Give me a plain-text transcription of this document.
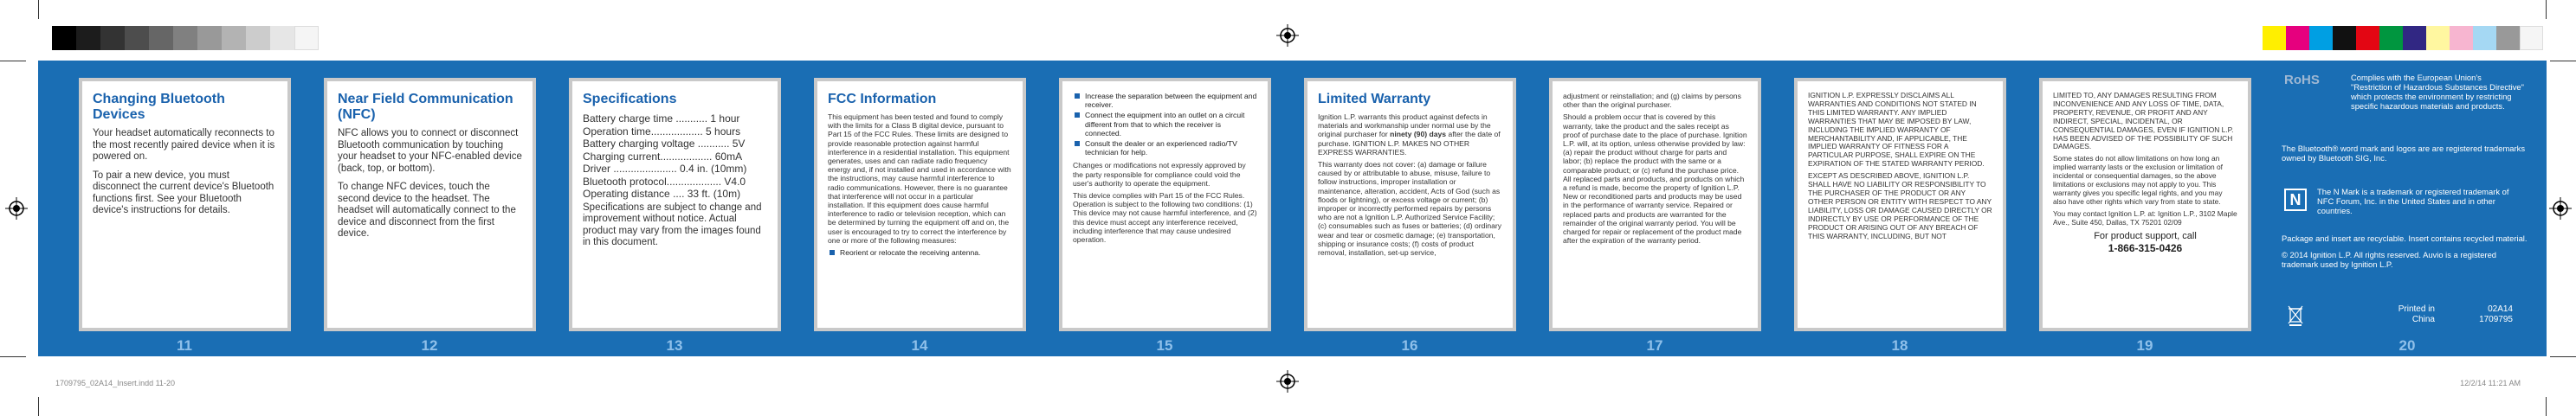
Changing Bluetooth Devices

Your headset automatically reconnects to the most recently paired device when it is powered on.

To pair a new device, you must disconnect the current device's Bluetooth functions first. See your Bluetooth device's instructions for details.

Near Field Communication (NFC)

NFC allows you to connect or disconnect Bluetooth communication by touching your headset to your NFC-enabled device (back, top, or bottom).

To change NFC devices, touch the second device to the headset. The headset will automatically connect to the device and disconnect from the first device.

Specifications
Battery charge time ........... 1 hour
Operation time.................. 5 hours
Battery charging voltage ........... 5V
Charging current.................. 60mA
Driver ...................... 0.4 in. (10mm)
Bluetooth protocol................... V4.0
Operating distance .... 33 ft. (10m)

Specifications are subject to change and improvement without notice. Actual product may vary from the images found in this document.

FCC Information

This equipment has been tested and found to comply with the limits for a Class B digital device, pursuant to Part 15 of the FCC Rules. These limits are designed to provide reasonable protection against harmful interference in a residential installation. This equipment generates, uses and can radiate radio frequency energy and, if not installed and used in accordance with the instructions, may cause harmful interference to radio communications. However, there is no guarantee that interference will not occur in a particular installation. If this equipment does cause harmful interference to radio or television reception, which can be determined by turning the equipment off and on, the user is encouraged to try to correct the interference by one or more of the following measures:

Reorient or relocate the receiving antenna.
Increase the separation between the equipment and receiver.
Connect the equipment into an outlet on a circuit different from that to which the receiver is connected.
Consult the dealer or an experienced radio/TV technician for help.

Changes or modifications not expressly approved by the party responsible for compliance could void the user's authority to operate the equipment.

This device complies with Part 15 of the FCC Rules. Operation is subject to the following two conditions: (1) This device may not cause harmful interference, and (2) this device must accept any interference received, including interference that may cause undesired operation.

Limited Warranty

Ignition L.P. warrants this product against defects in materials and workmanship under normal use by the original purchaser for ninety (90) days after the date of purchase. IGNITION L.P. MAKES NO OTHER EXPRESS WARRANTIES.

This warranty does not cover: (a) damage or failure caused by or attributable to abuse, misuse, failure to follow instructions, improper installation or maintenance, alteration, accident, Acts of God (such as floods or lightning), or excess voltage or current; (b) improper or incorrectly performed repairs by persons who are not a Ignition L.P. Authorized Service Facility; (c) consumables such as fuses or batteries; (d) ordinary wear and tear or cosmetic damage; (e) transportation, shipping or insurance costs; (f) costs of product removal, installation, set-up service,

adjustment or reinstallation; and (g) claims by persons other than the original purchaser.

Should a problem occur that is covered by this warranty, take the product and the sales receipt as proof of purchase date to the place of purchase. Ignition L.P. will, at its option, unless otherwise provided by law: (a) repair the product without charge for parts and labor; (b) replace the product with the same or a comparable product; or (c) refund the purchase price. All replaced parts and products, and products on which a refund is made, become the property of Ignition L.P. New or reconditioned parts and products may be used in the performance of warranty service. Repaired or replaced parts and products are warranted for the remainder of the original warranty period. You will be charged for repair or replacement of the product made after the expiration of the warranty period.

IGNITION L.P. EXPRESSLY DISCLAIMS ALL WARRANTIES AND CONDITIONS NOT STATED IN THIS LIMITED WARRANTY. ANY IMPLIED WARRANTIES THAT MAY BE IMPOSED BY LAW, INCLUDING THE IMPLIED WARRANTY OF MERCHANTABILITY AND, IF APPLICABLE, THE IMPLIED WARRANTY OF FITNESS FOR A PARTICULAR PURPOSE, SHALL EXPIRE ON THE EXPIRATION OF THE STATED WARRANTY PERIOD.

EXCEPT AS DESCRIBED ABOVE, IGNITION L.P. SHALL HAVE NO LIABILITY OR RESPONSIBILITY TO THE PURCHASER OF THE PRODUCT OR ANY OTHER PERSON OR ENTITY WITH RESPECT TO ANY LIABILITY, LOSS OR DAMAGE CAUSED DIRECTLY OR INDIRECTLY BY USE OR PERFORMANCE OF THE PRODUCT OR ARISING OUT OF ANY BREACH OF THIS WARRANTY, INCLUDING, BUT NOT

LIMITED TO, ANY DAMAGES RESULTING FROM INCONVENIENCE AND ANY LOSS OF TIME, DATA, PROPERTY, REVENUE, OR PROFIT AND ANY INDIRECT, SPECIAL, INCIDENTAL, OR CONSEQUENTIAL DAMAGES, EVEN IF IGNITION L.P. HAS BEEN ADVISED OF THE POSSIBILITY OF SUCH DAMAGES.

Some states do not allow limitations on how long an implied warranty lasts or the exclusion or limitation of incidental or consequential damages, so the above limitations or exclusions may not apply to you. This warranty gives you specific legal rights, and you may also have other rights which vary from state to state.

You may contact Ignition L.P. at: Ignition L.P., 3102 Maple Ave., Suite 450, Dallas, TX 75201 02/09

For product support, call
1-866-315-0426
11	12	13	14	15	16	17	18	19	20
RoHS	Complies with the European Union's "Restriction of Hazardous Substances Directive" which protects the environment by restricting specific hazardous materials and products.

The Bluetooth® word mark and logos are are registered trademarks owned by Bluetooth SIG, Inc.

N	The N Mark is a trademark or registered trademark of NFC Forum, Inc. in the United States and in other countries.

Package and insert are recyclable. Insert contains recycled material.

© 2014 Ignition L.P. All rights reserved. Auvio is a registered trademark used by Ignition L.P.

Printed in
China
02A14
1709795
1709795_02A14_Insert.indd 11-20	12/2/14 11:21 AM
